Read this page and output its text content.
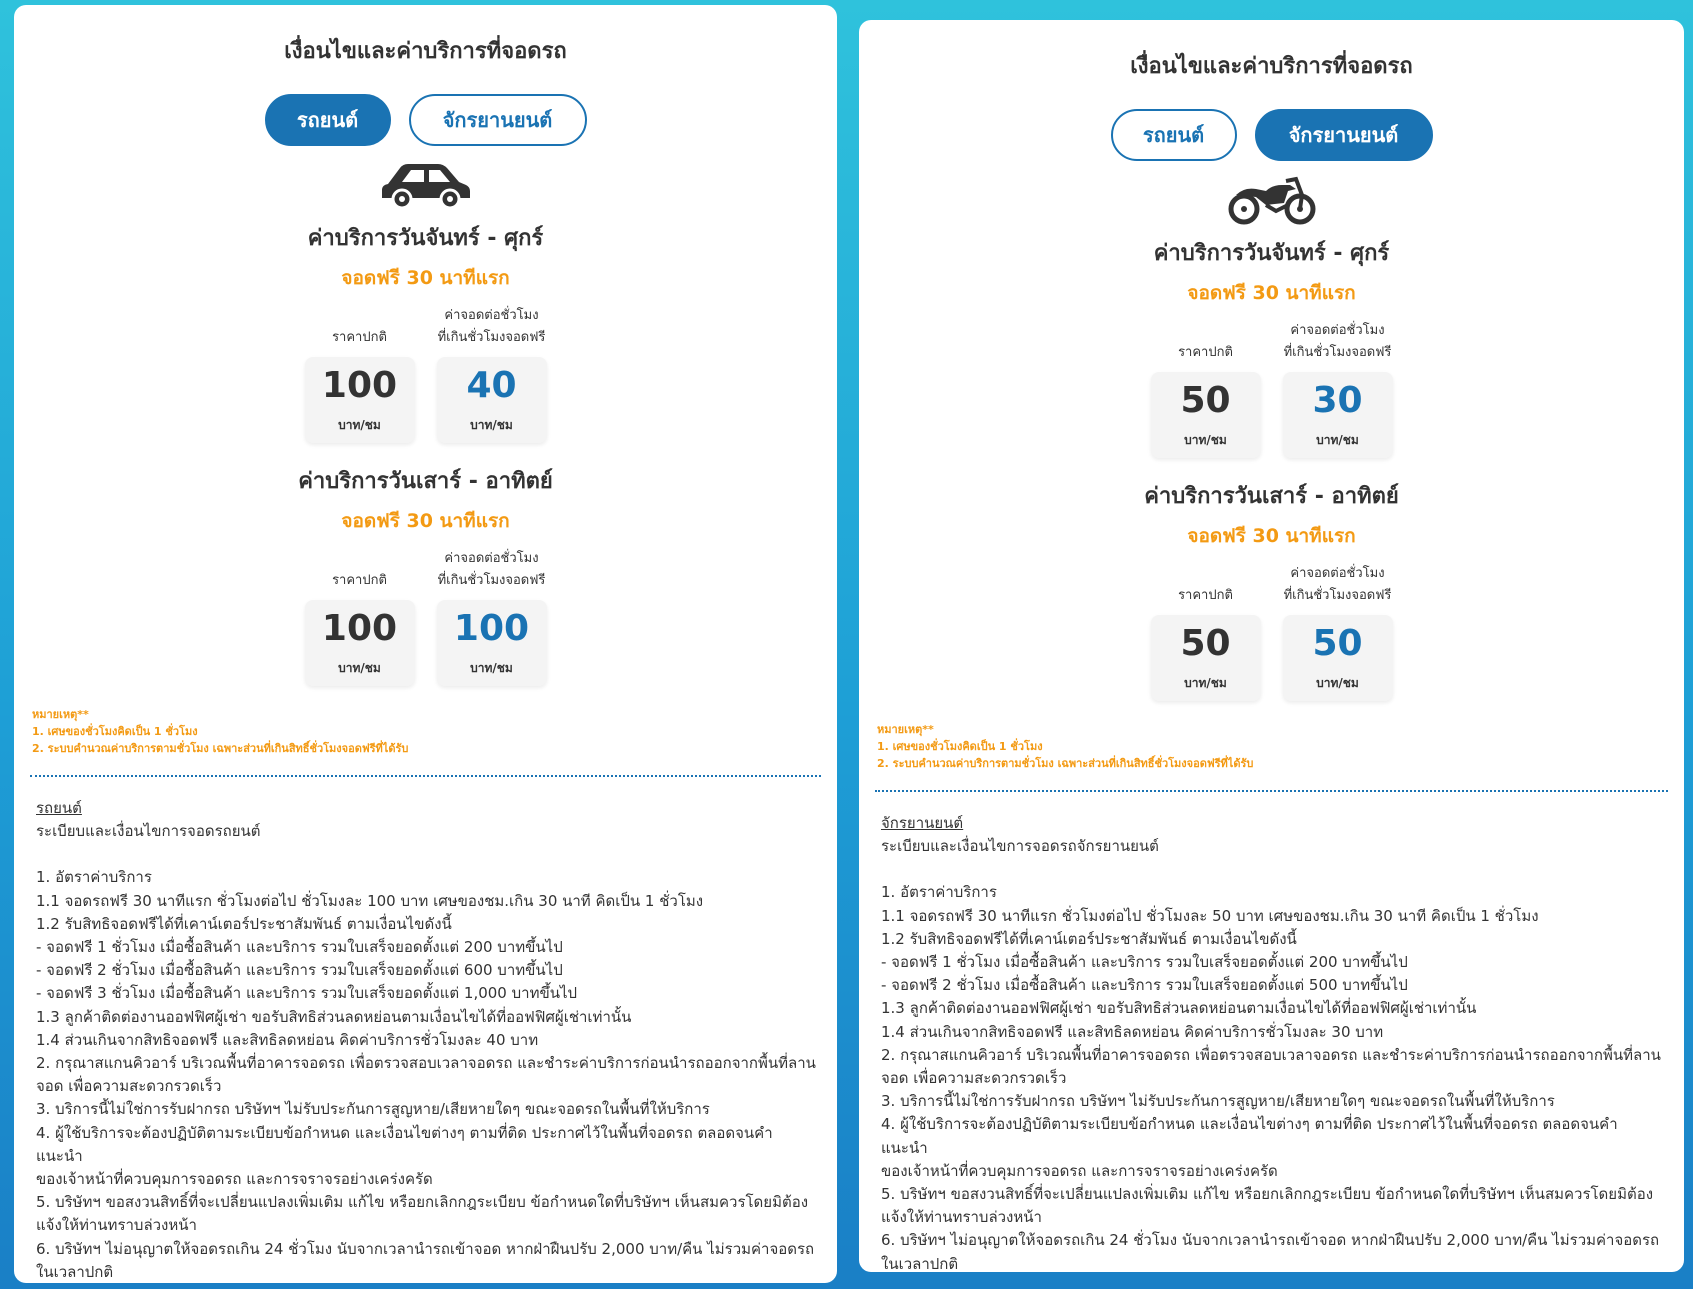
เงื่อนไขและค่าบริการที่จอดรถ
รถยนต์	จักรยานยนต์
ค่าบริการวันจันทร์ - ศุกร์
จอดฟรี 30 นาทีแรก
ราคาปกติ
100
บาท/ชม
ค่าจอดต่อชั่วโมง
ที่เกินชั่วโมงจอดฟรี
40
บาท/ชม
ค่าบริการวันเสาร์ - อาทิตย์
จอดฟรี 30 นาทีแรก
ราคาปกติ
100
บาท/ชม
ค่าจอดต่อชั่วโมง
ที่เกินชั่วโมงจอดฟรี
100
บาท/ชม
หมายเหตุ**
1. เศษของชั่วโมงคิดเป็น 1 ชั่วโมง
2. ระบบคำนวณค่าบริการตามชั่วโมง เฉพาะส่วนที่เกินสิทธิ์ชั่วโมงจอดฟรีที่ได้รับ

รถยนต์

ระเบียบและเงื่อนไขการจอดรถยนต์

1. อัตราค่าบริการ

1.1 จอดรถฟรี 30 นาทีแรก ชั่วโมงต่อไป ชั่วโมงละ 100 บาท เศษของชม.เกิน 30 นาที คิดเป็น 1 ชั่วโมง

1.2 รับสิทธิจอดฟรีได้ที่เคาน์เตอร์ประชาสัมพันธ์ ตามเงื่อนไขดังนี้

- จอดฟรี 1 ชั่วโมง เมื่อซื้อสินค้า และบริการ รวมใบเสร็จยอดตั้งแต่ 200 บาทขึ้นไป

- จอดฟรี 2 ชั่วโมง เมื่อซื้อสินค้า และบริการ รวมใบเสร็จยอดตั้งแต่ 600 บาทขึ้นไป

- จอดฟรี 3 ชั่วโมง เมื่อซื้อสินค้า และบริการ รวมใบเสร็จยอดตั้งแต่ 1,000 บาทขึ้นไป

1.3 ลูกค้าติดต่องานออฟฟิศผู้เช่า ขอรับสิทธิส่วนลดหย่อนตามเงื่อนไขได้ที่ออฟฟิศผู้เช่าเท่านั้น

1.4 ส่วนเกินจากสิทธิจอดฟรี และสิทธิลดหย่อน คิดค่าบริการชั่วโมงละ 40 บาท

2. กรุณาสแกนคิวอาร์ บริเวณพื้นที่อาคารจอดรถ เพื่อตรวจสอบเวลาจอดรถ และชำระค่าบริการก่อนนำรถออกจากพื้นที่ลาน

จอด เพื่อความสะดวกรวดเร็ว

3. บริการนี้ไม่ใช่การรับฝากรถ บริษัทฯ ไม่รับประกันการสูญหาย/เสียหายใดๆ ขณะจอดรถในพื้นที่ให้บริการ

4. ผู้ใช้บริการจะต้องปฏิบัติตามระเบียบข้อกำหนด และเงื่อนไขต่างๆ ตามที่ติด ประกาศไว้ในพื้นที่จอดรถ ตลอดจนคำแนะนำ

ของเจ้าหน้าที่ควบคุมการจอดรถ และการจราจรอย่างเคร่งครัด

5. บริษัทฯ ขอสงวนสิทธิ์ที่จะเปลี่ยนแปลงเพิ่มเติม แก้ไข หรือยกเลิกกฎระเบียบ ข้อกำหนดใดที่บริษัทฯ เห็นสมควรโดยมิต้อง

แจ้งให้ท่านทราบล่วงหน้า

6. บริษัทฯ ไม่อนุญาตให้จอดรถเกิน 24 ชั่วโมง นับจากเวลานำรถเข้าจอด หากฝ่าฝืนปรับ 2,000 บาท/คืน ไม่รวมค่าจอดรถ

ในเวลาปกติ

เงื่อนไขและค่าบริการที่จอดรถ
รถยนต์	จักรยานยนต์
ค่าบริการวันจันทร์ - ศุกร์
จอดฟรี 30 นาทีแรก
ราคาปกติ
50
บาท/ชม
ค่าจอดต่อชั่วโมง
ที่เกินชั่วโมงจอดฟรี
30
บาท/ชม
ค่าบริการวันเสาร์ - อาทิตย์
จอดฟรี 30 นาทีแรก
ราคาปกติ
50
บาท/ชม
ค่าจอดต่อชั่วโมง
ที่เกินชั่วโมงจอดฟรี
50
บาท/ชม
หมายเหตุ**
1. เศษของชั่วโมงคิดเป็น 1 ชั่วโมง
2. ระบบคำนวณค่าบริการตามชั่วโมง เฉพาะส่วนที่เกินสิทธิ์ชั่วโมงจอดฟรีที่ได้รับ

จักรยานยนต์

ระเบียบและเงื่อนไขการจอดรถจักรยานยนต์

1. อัตราค่าบริการ

1.1 จอดรถฟรี 30 นาทีแรก ชั่วโมงต่อไป ชั่วโมงละ 50 บาท เศษของชม.เกิน 30 นาที คิดเป็น 1 ชั่วโมง

1.2 รับสิทธิจอดฟรีได้ที่เคาน์เตอร์ประชาสัมพันธ์ ตามเงื่อนไขดังนี้

- จอดฟรี 1 ชั่วโมง เมื่อซื้อสินค้า และบริการ รวมใบเสร็จยอดตั้งแต่ 200 บาทขึ้นไป

- จอดฟรี 2 ชั่วโมง เมื่อซื้อสินค้า และบริการ รวมใบเสร็จยอดตั้งแต่ 500 บาทขึ้นไป

1.3 ลูกค้าติดต่องานออฟฟิศผู้เช่า ขอรับสิทธิส่วนลดหย่อนตามเงื่อนไขได้ที่ออฟฟิศผู้เช่าเท่านั้น

1.4 ส่วนเกินจากสิทธิจอดฟรี และสิทธิลดหย่อน คิดค่าบริการชั่วโมงละ 30 บาท

2. กรุณาสแกนคิวอาร์ บริเวณพื้นที่อาคารจอดรถ เพื่อตรวจสอบเวลาจอดรถ และชำระค่าบริการก่อนนำรถออกจากพื้นที่ลาน

จอด เพื่อความสะดวกรวดเร็ว

3. บริการนี้ไม่ใช่การรับฝากรถ บริษัทฯ ไม่รับประกันการสูญหาย/เสียหายใดๆ ขณะจอดรถในพื้นที่ให้บริการ

4. ผู้ใช้บริการจะต้องปฏิบัติตามระเบียบข้อกำหนด และเงื่อนไขต่างๆ ตามที่ติด ประกาศไว้ในพื้นที่จอดรถ ตลอดจนคำแนะนำ

ของเจ้าหน้าที่ควบคุมการจอดรถ และการจราจรอย่างเคร่งครัด

5. บริษัทฯ ขอสงวนสิทธิ์ที่จะเปลี่ยนแปลงเพิ่มเติม แก้ไข หรือยกเลิกกฎระเบียบ ข้อกำหนดใดที่บริษัทฯ เห็นสมควรโดยมิต้อง

แจ้งให้ท่านทราบล่วงหน้า

6. บริษัทฯ ไม่อนุญาตให้จอดรถเกิน 24 ชั่วโมง นับจากเวลานำรถเข้าจอด หากฝ่าฝืนปรับ 2,000 บาท/คืน ไม่รวมค่าจอดรถ

ในเวลาปกติ
